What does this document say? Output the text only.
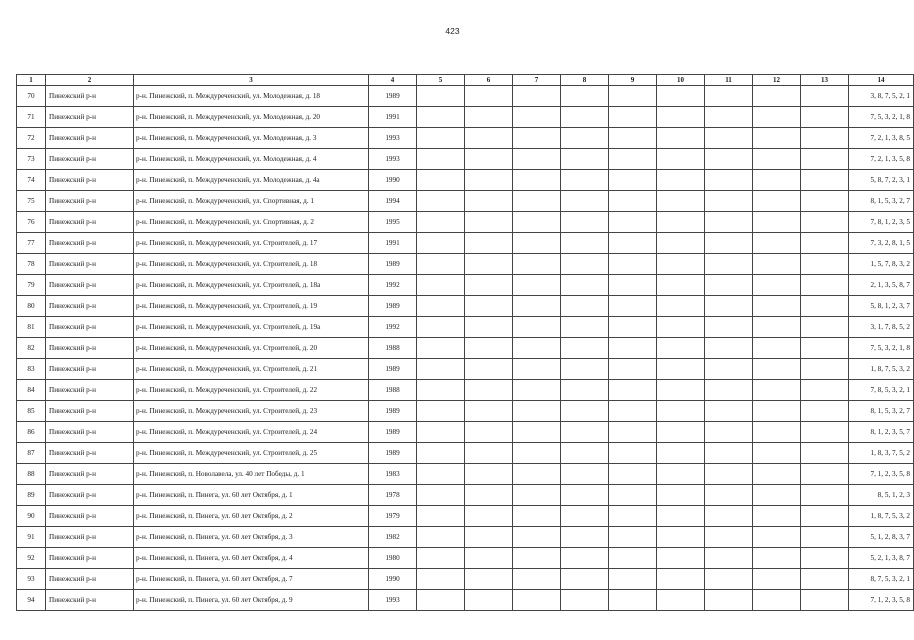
423
1	2	3	4	5	6	7	8	9	10	11	12	13	14
70	Пинежский р-н	р-н. Пинежский, п. Междуреченский, ул. Молодежная, д. 18	1989										3, 8, 7, 5, 2, 1
71	Пинежский р-н	р-н. Пинежский, п. Междуреченский, ул. Молодежная, д. 20	1991										7, 5, 3, 2, 1, 8
72	Пинежский р-н	р-н. Пинежский, п. Междуреченский, ул. Молодежная, д. 3	1993										7, 2, 1, 3, 8, 5
73	Пинежский р-н	р-н. Пинежский, п. Междуреченский, ул. Молодежная, д. 4	1993										7, 2, 1, 3, 5, 8
74	Пинежский р-н	р-н. Пинежский, п. Междуреченский, ул. Молодежная, д. 4а	1990										5, 8, 7, 2, 3, 1
75	Пинежский р-н	р-н. Пинежский, п. Междуреченский, ул. Спортивная, д. 1	1994										8, 1, 5, 3, 2, 7
76	Пинежский р-н	р-н. Пинежский, п. Междуреченский, ул. Спортивная, д. 2	1995										7, 8, 1, 2, 3, 5
77	Пинежский р-н	р-н. Пинежский, п. Междуреченский, ул. Строителей, д. 17	1991										7, 3, 2, 8, 1, 5
78	Пинежский р-н	р-н. Пинежский, п. Междуреченский, ул. Строителей, д. 18	1989										1, 5, 7, 8, 3, 2
79	Пинежский р-н	р-н. Пинежский, п. Междуреченский, ул. Строителей, д. 18а	1992										2, 1, 3, 5, 8, 7
80	Пинежский р-н	р-н. Пинежский, п. Междуреченский, ул. Строителей, д. 19	1989										5, 8, 1, 2, 3, 7
81	Пинежский р-н	р-н. Пинежский, п. Междуреченский, ул. Строителей, д. 19а	1992										3, 1, 7, 8, 5, 2
82	Пинежский р-н	р-н. Пинежский, п. Междуреченский, ул. Строителей, д. 20	1988										7, 5, 3, 2, 1, 8
83	Пинежский р-н	р-н. Пинежский, п. Междуреченский, ул. Строителей, д. 21	1989										1, 8, 7, 5, 3, 2
84	Пинежский р-н	р-н. Пинежский, п. Междуреченский, ул. Строителей, д. 22	1988										7, 8, 5, 3, 2, 1
85	Пинежский р-н	р-н. Пинежский, п. Междуреченский, ул. Строителей, д. 23	1989										8, 1, 5, 3, 2, 7
86	Пинежский р-н	р-н. Пинежский, п. Междуреченский, ул. Строителей, д. 24	1989										8, 1, 2, 3, 5, 7
87	Пинежский р-н	р-н. Пинежский, п. Междуреченский, ул. Строителей, д. 25	1989										1, 8, 3, 7, 5, 2
88	Пинежский р-н	р-н. Пинежский, п. Новолавела, ул. 40 лет Победы, д. 1	1983										7, 1, 2, 3, 5, 8
89	Пинежский р-н	р-н. Пинежский, п. Пинега, ул. 60 лет Октября, д. 1	1978										8, 5, 1, 2, 3
90	Пинежский р-н	р-н. Пинежский, п. Пинега, ул. 60 лет Октября, д. 2	1979										1, 8, 7, 5, 3, 2
91	Пинежский р-н	р-н. Пинежский, п. Пинега, ул. 60 лет Октября, д. 3	1982										5, 1, 2, 8, 3, 7
92	Пинежский р-н	р-н. Пинежский, п. Пинега, ул. 60 лет Октября, д. 4	1980										5, 2, 1, 3, 8, 7
93	Пинежский р-н	р-н. Пинежский, п. Пинега, ул. 60 лет Октября, д. 7	1990										8, 7, 5, 3, 2, 1
94	Пинежский р-н	р-н. Пинежский, п. Пинега, ул. 60 лет Октября, д. 9	1993										7, 1, 2, 3, 5, 8
